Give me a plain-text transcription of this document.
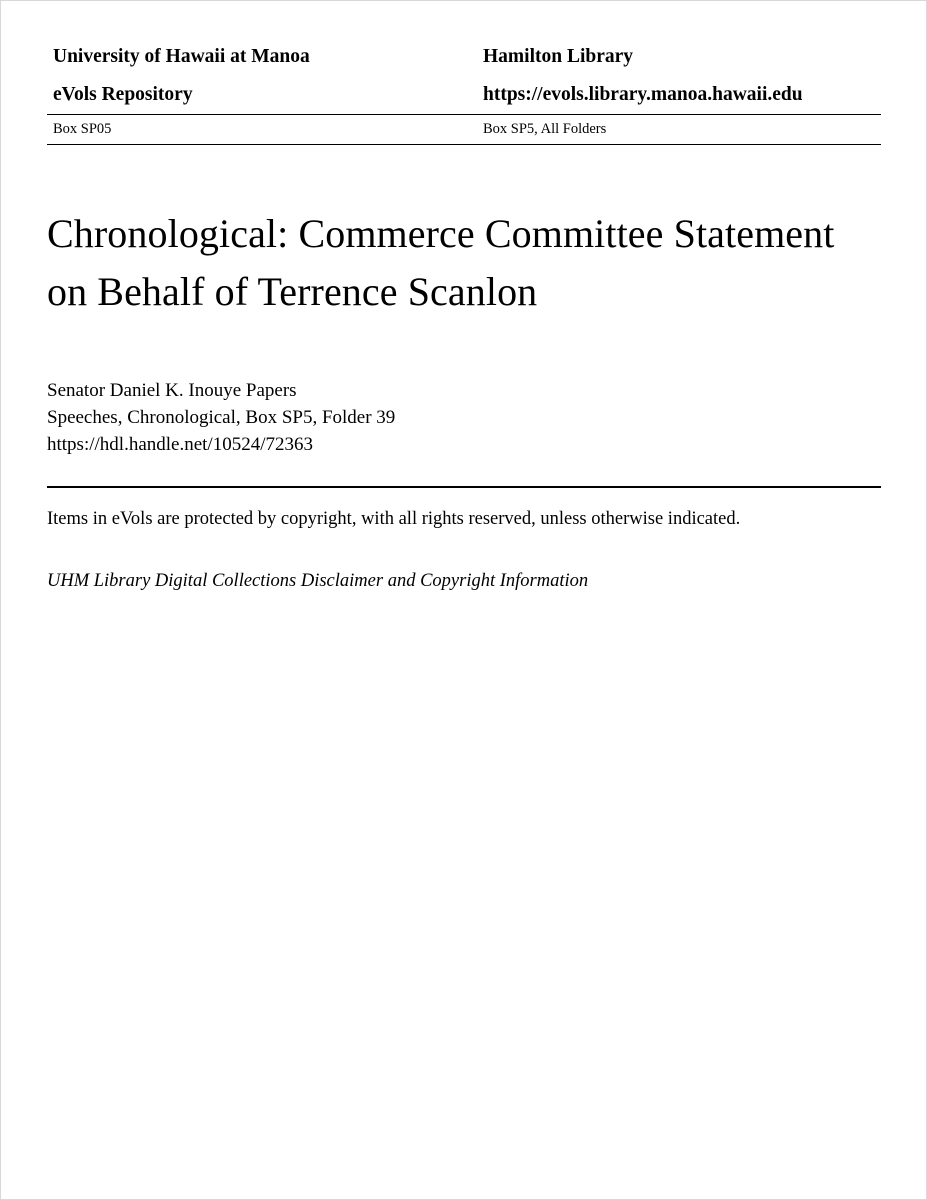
University of Hawaii at Manoa	Hamilton Library
eVols Repository	https://evols.library.manoa.hawaii.edu
Box SP05	Box SP5, All Folders
Chronological: Commerce Committee Statement on Behalf of Terrence Scanlon
Senator Daniel K. Inouye Papers
Speeches, Chronological, Box SP5, Folder 39
https://hdl.handle.net/10524/72363
Items in eVols are protected by copyright, with all rights reserved, unless otherwise indicated.
UHM Library Digital Collections Disclaimer and Copyright Information
